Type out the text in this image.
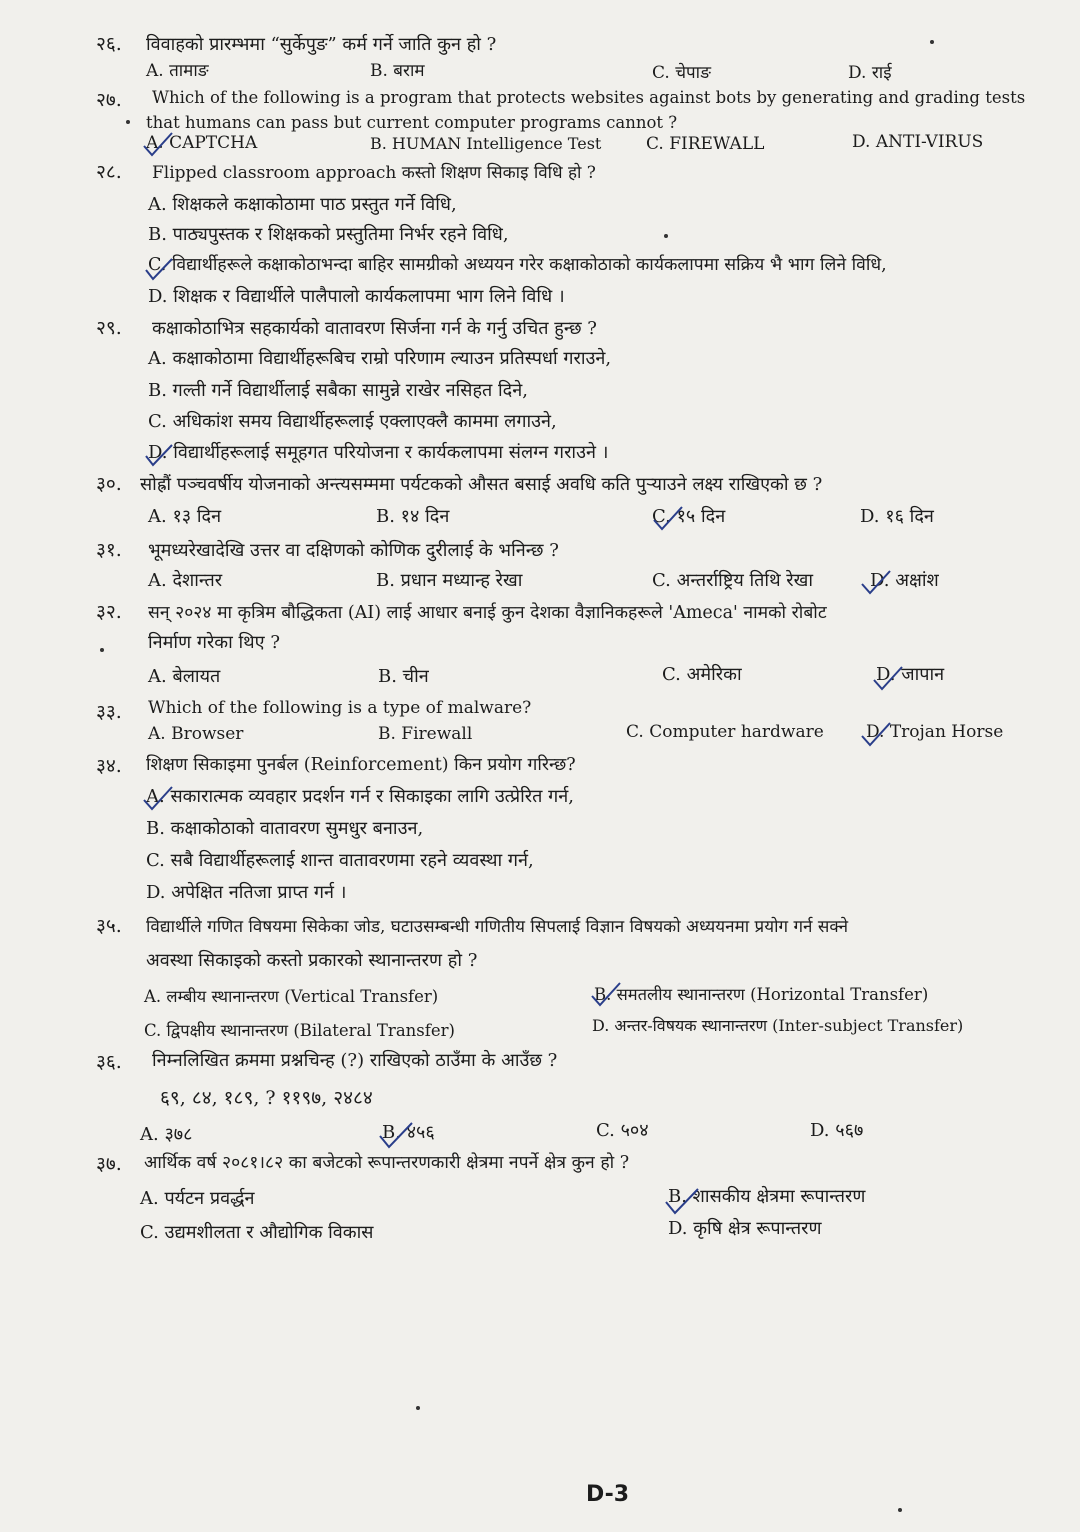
२६. विवाहको प्रारम्भमा “सुर्केपुङ” कर्म गर्ने जाति कुन हो ?
A. तामाङ	B. बराम	C. चेपाङ	D. राई
२७. Which of the following is a program that protects websites against bots by generating and grading tests
that humans can pass but current computer programs cannot ?
A. CAPTCHA	B. HUMAN Intelligence Test	C. FIREWALL	D. ANTI-VIRUS
२८. Flipped classroom approach कस्तो शिक्षण सिकाइ विधि हो ?
A. शिक्षकले कक्षाकोठामा पाठ प्रस्तुत गर्ने विधि,
B. पाठ्यपुस्तक र शिक्षकको प्रस्तुतिमा निर्भर रहने विधि,
C. विद्यार्थीहरूले कक्षाकोठाभन्दा बाहिर सामग्रीको अध्ययन गरेर कक्षाकोठाको कार्यकलापमा सक्रिय भै भाग लिने विधि,
D. शिक्षक र विद्यार्थीले पालैपालो कार्यकलापमा भाग लिने विधि ।
२९. कक्षाकोठाभित्र सहकार्यको वातावरण सिर्जना गर्न के गर्नु उचित हुन्छ ?
A. कक्षाकोठामा विद्यार्थीहरूबिच राम्रो परिणाम ल्याउन प्रतिस्पर्धा गराउने,
B. गल्ती गर्ने विद्यार्थीलाई सबैका सामुन्ने राखेर नसिहत दिने,
C. अधिकांश समय विद्यार्थीहरूलाई एक्लाएक्लै काममा लगाउने,
D. विद्यार्थीहरूलाई समूहगत परियोजना र कार्यकलापमा संलग्न गराउने ।
३०. सोह्रौं पञ्चवर्षीय योजनाको अन्त्यसम्ममा पर्यटकको औसत बसाई अवधि कति पुऱ्याउने लक्ष्य राखिएको छ ?
A. १३ दिन	B. १४ दिन	C. १५ दिन	D. १६ दिन
३१. भूमध्यरेखादेखि उत्तर वा दक्षिणको कोणिक दुरीलाई के भनिन्छ ?
A. देशान्तर	B. प्रधान मध्यान्ह रेखा	C. अन्तर्राष्ट्रिय तिथि रेखा	D. अक्षांश
३२. सन् २०२४ मा कृत्रिम बौद्धिकता (AI) लाई आधार बनाई कुन देशका वैज्ञानिकहरूले 'Ameca' नामको रोबोट
निर्माण गरेका थिए ?
A. बेलायत	B. चीन	C. अमेरिका	D. जापान
३३. Which of the following is a type of malware?
A. Browser	B. Firewall	C. Computer hardware D. Trojan Horse
३४. शिक्षण सिकाइमा पुनर्बल (Reinforcement) किन प्रयोग गरिन्छ?
A. सकारात्मक व्यवहार प्रदर्शन गर्न र सिकाइका लागि उत्प्रेरित गर्न,
B. कक्षाकोठाको वातावरण सुमधुर बनाउन,
C. सबै विद्यार्थीहरूलाई शान्त वातावरणमा रहने व्यवस्था गर्न,
D. अपेक्षित नतिजा प्राप्त गर्न ।
३५. विद्यार्थीले गणित विषयमा सिकेका जोड, घटाउसम्बन्धी गणितीय सिपलाई विज्ञान विषयको अध्ययनमा प्रयोग गर्न सक्ने
अवस्था सिकाइको कस्तो प्रकारको स्थानान्तरण हो ?
A. लम्बीय स्थानान्तरण (Vertical Transfer)	B. समतलीय स्थानान्तरण (Horizontal Transfer)
C. द्विपक्षीय स्थानान्तरण (Bilateral Transfer)	D. अन्तर-विषयक स्थानान्तरण (Inter-subject Transfer)
३६. निम्नलिखित क्रममा प्रश्नचिन्ह (?) राखिएको ठाउँमा के आउँछ ?
६९, ८४, १८९, ? ११९७, २४८४
A. ३७८	B. ४५६	C. ५०४	D. ५६७
३७. आर्थिक वर्ष २०८१।८२ का बजेटको रूपान्तरणकारी क्षेत्रमा नपर्ने क्षेत्र कुन हो ?
A. पर्यटन प्रवर्द्धन	B. शासकीय क्षेत्रमा रूपान्तरण
C. उद्यमशीलता र औद्योगिक विकास	D. कृषि क्षेत्र रूपान्तरण
D-3
